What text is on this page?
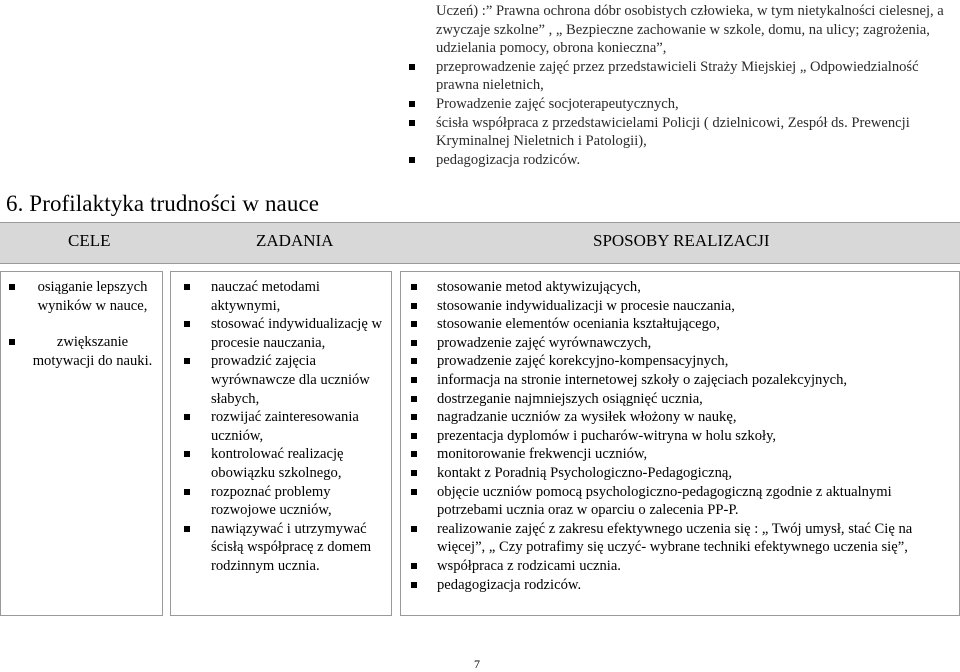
Uczeń) :” Prawna ochrona dóbr osobistych człowieka, w tym nietykalności cielesnej, a zwyczaje szkolne” , „ Bezpieczne zachowanie w szkole, domu, na ulicy; zagrożenia, udzielania pomocy, obrona konieczna”,

przeprowadzenie zajęć przez przedstawicieli Straży Miejskiej „ Odpowiedzialność prawna nieletnich,
Prowadzenie zajęć socjoterapeutycznych,
ścisła współpraca z przedstawicielami Policji ( dzielnicowi, Zespół ds. Prewencji Kryminalnej Nieletnich i Patologii),
pedagogizacja rodziców.
6. Profilaktyka trudności w nauce
CELE	ZADANIA	SPOSOBY REALIZACJI
osiąganie lepszych wyników w nauce,
zwiększanie motywacji do nauki.
nauczać metodami aktywnymi,
stosować indywidualizację w procesie nauczania,
prowadzić zajęcia wyrównawcze dla uczniów słabych,
rozwijać zainteresowania uczniów,
kontrolować realizację obowiązku szkolnego,
rozpoznać problemy rozwojowe uczniów,
nawiązywać i utrzymywać ścisłą współpracę z domem rodzinnym ucznia.
stosowanie metod aktywizujących,
stosowanie indywidualizacji w procesie nauczania,
stosowanie elementów oceniania kształtującego,
prowadzenie zajęć wyrównawczych,
prowadzenie zajęć korekcyjno-kompensacyjnych,
informacja na stronie internetowej szkoły o zajęciach pozalekcyjnych,
dostrzeganie najmniejszych osiągnięć ucznia,
nagradzanie uczniów za wysiłek włożony w naukę,
prezentacja dyplomów i pucharów-witryna w holu szkoły,
monitorowanie frekwencji uczniów,
kontakt z Poradnią Psychologiczno-Pedagogiczną,
objęcie uczniów pomocą psychologiczno-pedagogiczną zgodnie z aktualnymi potrzebami ucznia oraz w oparciu o zalecenia PP-P.
realizowanie zajęć z zakresu efektywnego uczenia się : „ Twój umysł, stać Cię na więcej”, „ Czy potrafimy się uczyć- wybrane techniki efektywnego uczenia się”,
współpraca z rodzicami ucznia.
pedagogizacja rodziców.
7
